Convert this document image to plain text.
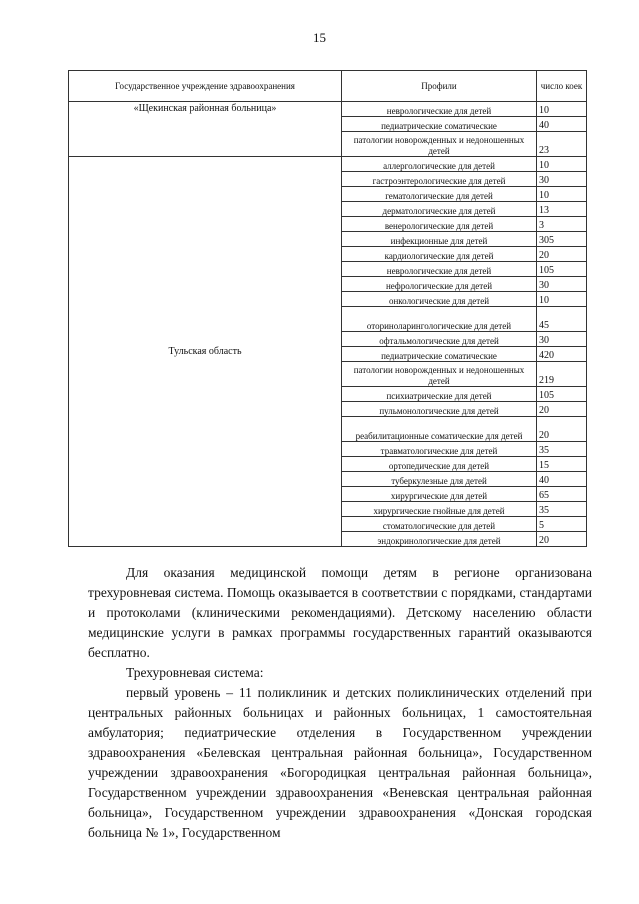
15
Государственное учреждение здравоохранения	Профили	число коек
«Щекинская районная больница»	неврологические для детей	10
	педиатрические соматические	40
	патологии новорожденных и недоношенных детей	23
Тульская область	аллергологические для детей	10
	гастроэнтерологические для детей	30
	гематологические для детей	10
	дерматологические для детей	13
	венерологические для детей	3
	инфекционные для детей	305
	кардиологические для детей	20
	неврологические для детей	105
	нефрологические для детей	30
	онкологические для детей	10
	оториноларингологические для детей	45
	офтальмологические для детей	30
	педиатрические соматические	420
	патологии новорожденных и недоношенных детей	219
	психиатрические для детей	105
	пульмонологические для детей	20
	реабилитационные соматические для детей	20
	травматологические для детей	35
	ортопедические для детей	15
	туберкулезные для детей	40
	хирургические для детей	65
	хирургические гнойные для детей	35
	стоматологические для детей	5
	эндокринологические для детей	20

Для оказания медицинской помощи детям в регионе организована трехуровневая система. Помощь оказывается в соответствии с порядками, стандартами и протоколами (клиническими рекомендациями). Детскому населению области медицинские услуги в рамках программы государственных гарантий оказываются бесплатно.

Трехуровневая система:

первый уровень – 11 поликлиник и детских поликлинических отделений при центральных районных больницах и районных больницах, 1 самостоятельная амбулатория; педиатрические отделения в Государственном учреждении здравоохранения «Белевская центральная районная больница», Государственном учреждении здравоохранения «Богородицкая центральная районная больница», Государственном учреждении здравоохранения «Веневская центральная районная больница», Государственном учреждении здравоохранения «Донская городская больница № 1», Государственном
